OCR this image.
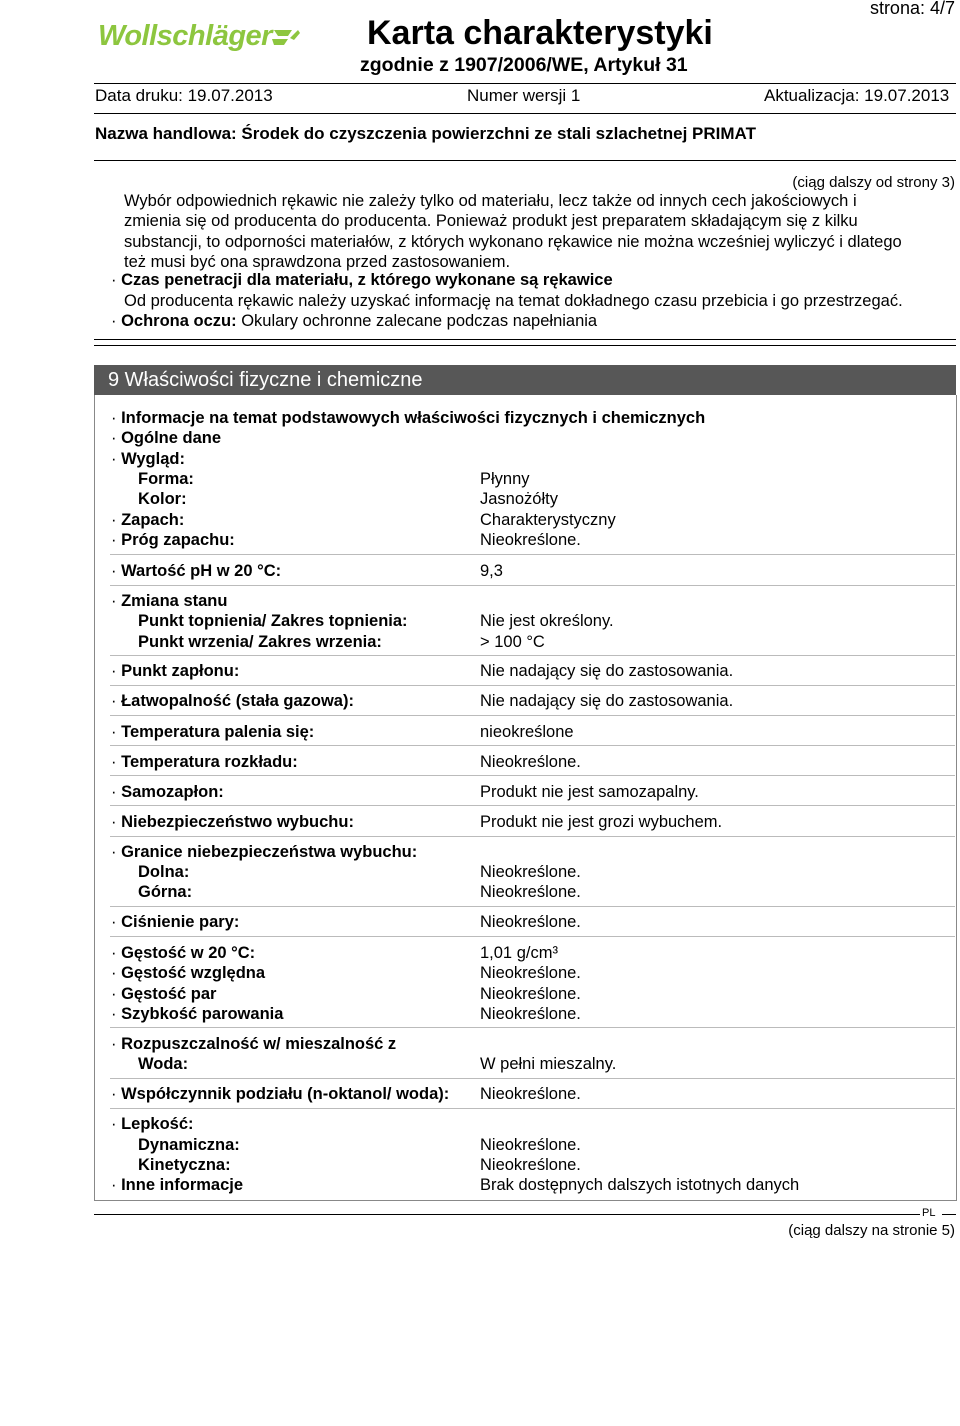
Wollschläger	Karta charakterystyki
zgodnie z 1907/2006/WE, Artykuł 31
strona: 4/7
Data druku: 19.07.2013	Numer wersji 1	Aktualizacja: 19.07.2013
Nazwa handlowa: Środek do czyszczenia powierzchni ze stali szlachetnej PRIMAT
(ciąg dalszy od strony 3)
Wybór odpowiednich rękawic nie zależy tylko od materiału, lecz także od innych cech jakościowych i
zmienia się od producenta do producenta. Ponieważ produkt jest preparatem składającym się z kilku
substancji, to odporności materiałów, z których wykonano rękawice nie można wcześniej wyliczyć i dlatego
też musi być ona sprawdzona przed zastosowaniem.
· Czas penetracji dla materiału, z którego wykonane są rękawice
Od producenta rękawic należy uzyskać informację na temat dokładnego czasu przebicia i go przestrzegać.
· Ochrona oczu: Okulary ochronne zalecane podczas napełniania
9 Właściwości fizyczne i chemiczne
· Informacje na temat podstawowych właściwości fizycznych i chemicznych
· Ogólne dane
· Wygląd:
Forma:	Płynny
Kolor:	Jasnożółty
· Zapach:	Charakterystyczny
· Próg zapachu:	Nieokreślone.
· Wartość pH w 20 °C:	9,3
· Zmiana stanu
Punkt topnienia/ Zakres topnienia:	Nie jest określony.
Punkt wrzenia/ Zakres wrzenia:	> 100 °C
· Punkt zapłonu:	Nie nadający się do zastosowania.
· Łatwopalność (stała gazowa):	Nie nadający się do zastosowania.
· Temperatura palenia się:	nieokreślone
· Temperatura rozkładu:	Nieokreślone.
· Samozapłon:	Produkt nie jest samozapalny.
· Niebezpieczeństwo wybuchu:	Produkt nie jest grozi wybuchem.
· Granice niebezpieczeństwa wybuchu:
Dolna:	Nieokreślone.
Górna:	Nieokreślone.
· Ciśnienie pary:	Nieokreślone.
· Gęstość w 20 °C:	1,01 g/cm³
· Gęstość względna	Nieokreślone.
· Gęstość par	Nieokreślone.
· Szybkość parowania	Nieokreślone.
· Rozpuszczalność w/ mieszalność z
Woda:	W pełni mieszalny.
· Współczynnik podziału (n-oktanol/ woda): Nieokreślone.
· Lepkość:
Dynamiczna:	Nieokreślone.
Kinetyczna:	Nieokreślone.
· Inne informacje	Brak dostępnych dalszych istotnych danych
PL
(ciąg dalszy na stronie 5)
